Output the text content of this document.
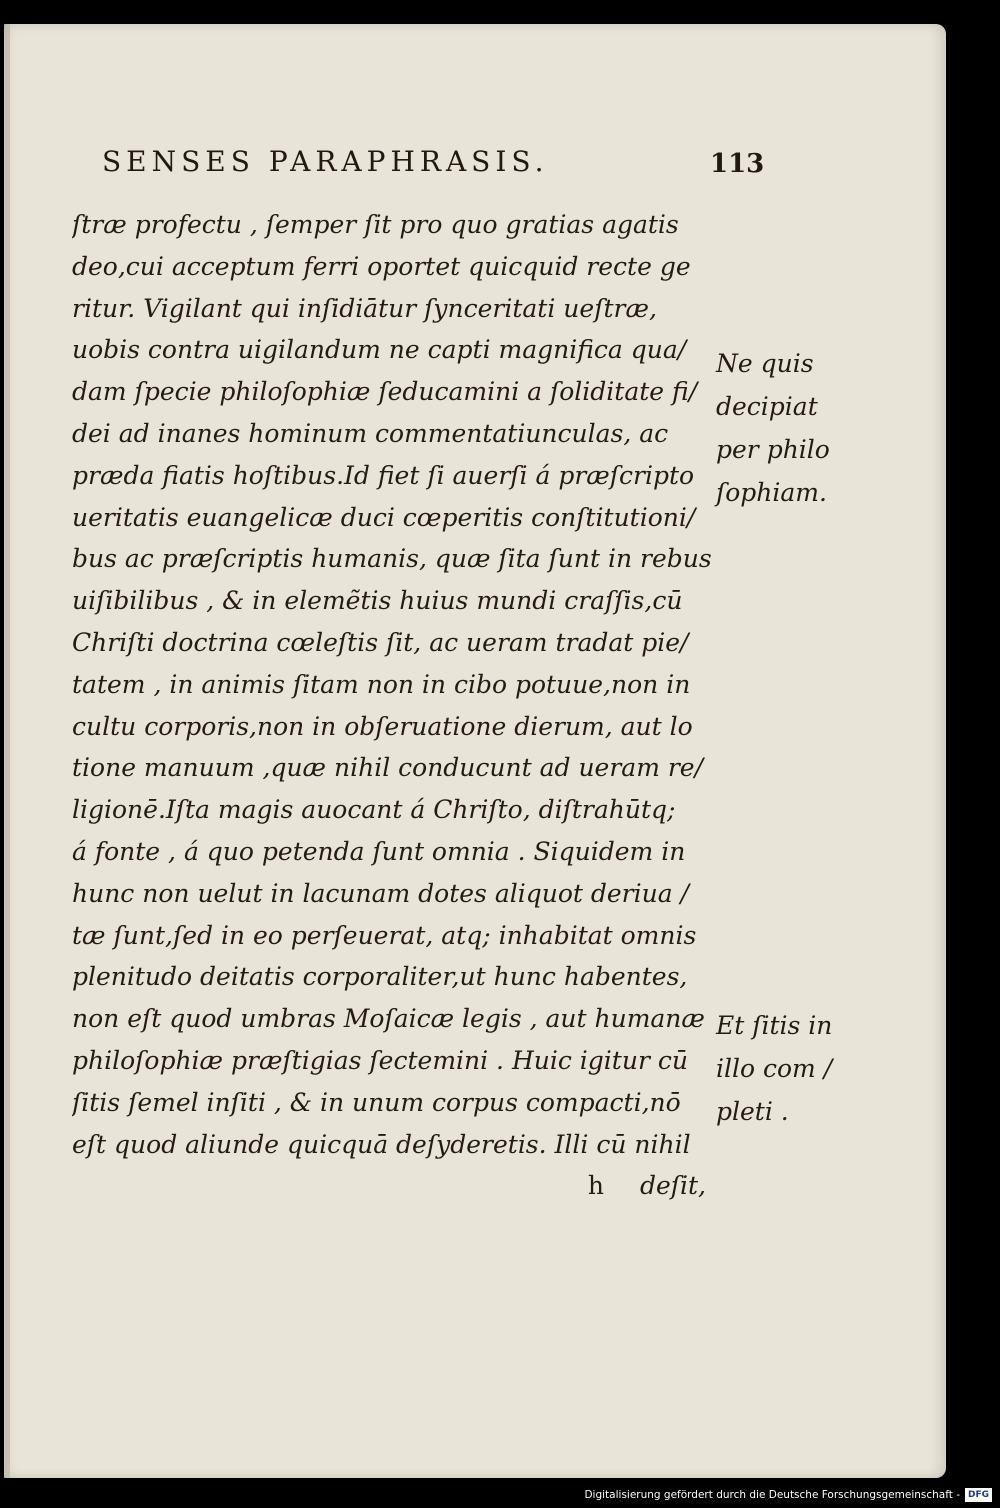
SENSES PARAPHRASIS.	113
ſtræ profectu , ſemper ſit pro quo gratias agatis
deo,cui acceptum ferri oportet quicquid recte ge
ritur. Vigilant qui inſidiātur ſynceritati ueſtræ,
uobis contra uigilandum ne capti magnifica qua/
dam ſpecie philoſophiæ ſeducamini a ſoliditate fi/
dei ad inanes hominum commentatiunculas, ac
præda fiatis hoſtibus.Id fiet ſi auerſi á præſcripto
ueritatis euangelicæ duci cœperitis conſtitutioni/
bus ac præſcriptis humanis, quæ ſita ſunt in rebus
uiſibilibus , & in elemẽtis huius mundi craſſis,cū
Chriſti doctrina cœleſtis ſit, ac ueram tradat pie/
tatem , in animis ſitam non in cibo potuue,non in
cultu corporis,non in obſeruatione dierum, aut lo
tione manuum ,quæ nihil conducunt ad ueram re/
ligionē.Iſta magis auocant á Chriſto, diſtrahūtq;
á fonte , á quo petenda ſunt omnia . Siquidem in
hunc non uelut in lacunam dotes aliquot deriua /
tæ ſunt,ſed in eo perſeuerat, atq; inhabitat omnis
plenitudo deitatis corporaliter,ut hunc habentes,
non eſt quod umbras Moſaicæ legis , aut humanæ
philoſophiæ præſtigias ſectemini . Huic igitur cū
ſitis ſemel inſiti , & in unum corpus compacti,nō
eſt quod aliunde quicquā deſyderetis. Illi cū nihil
h deſit,
Ne quis
decipiat
per philo
ſophiam.
Et ſitis in
illo com /
pleti .
Digitalisierung gefördert durch die Deutsche Forschungsgemeinschaft - DFG
